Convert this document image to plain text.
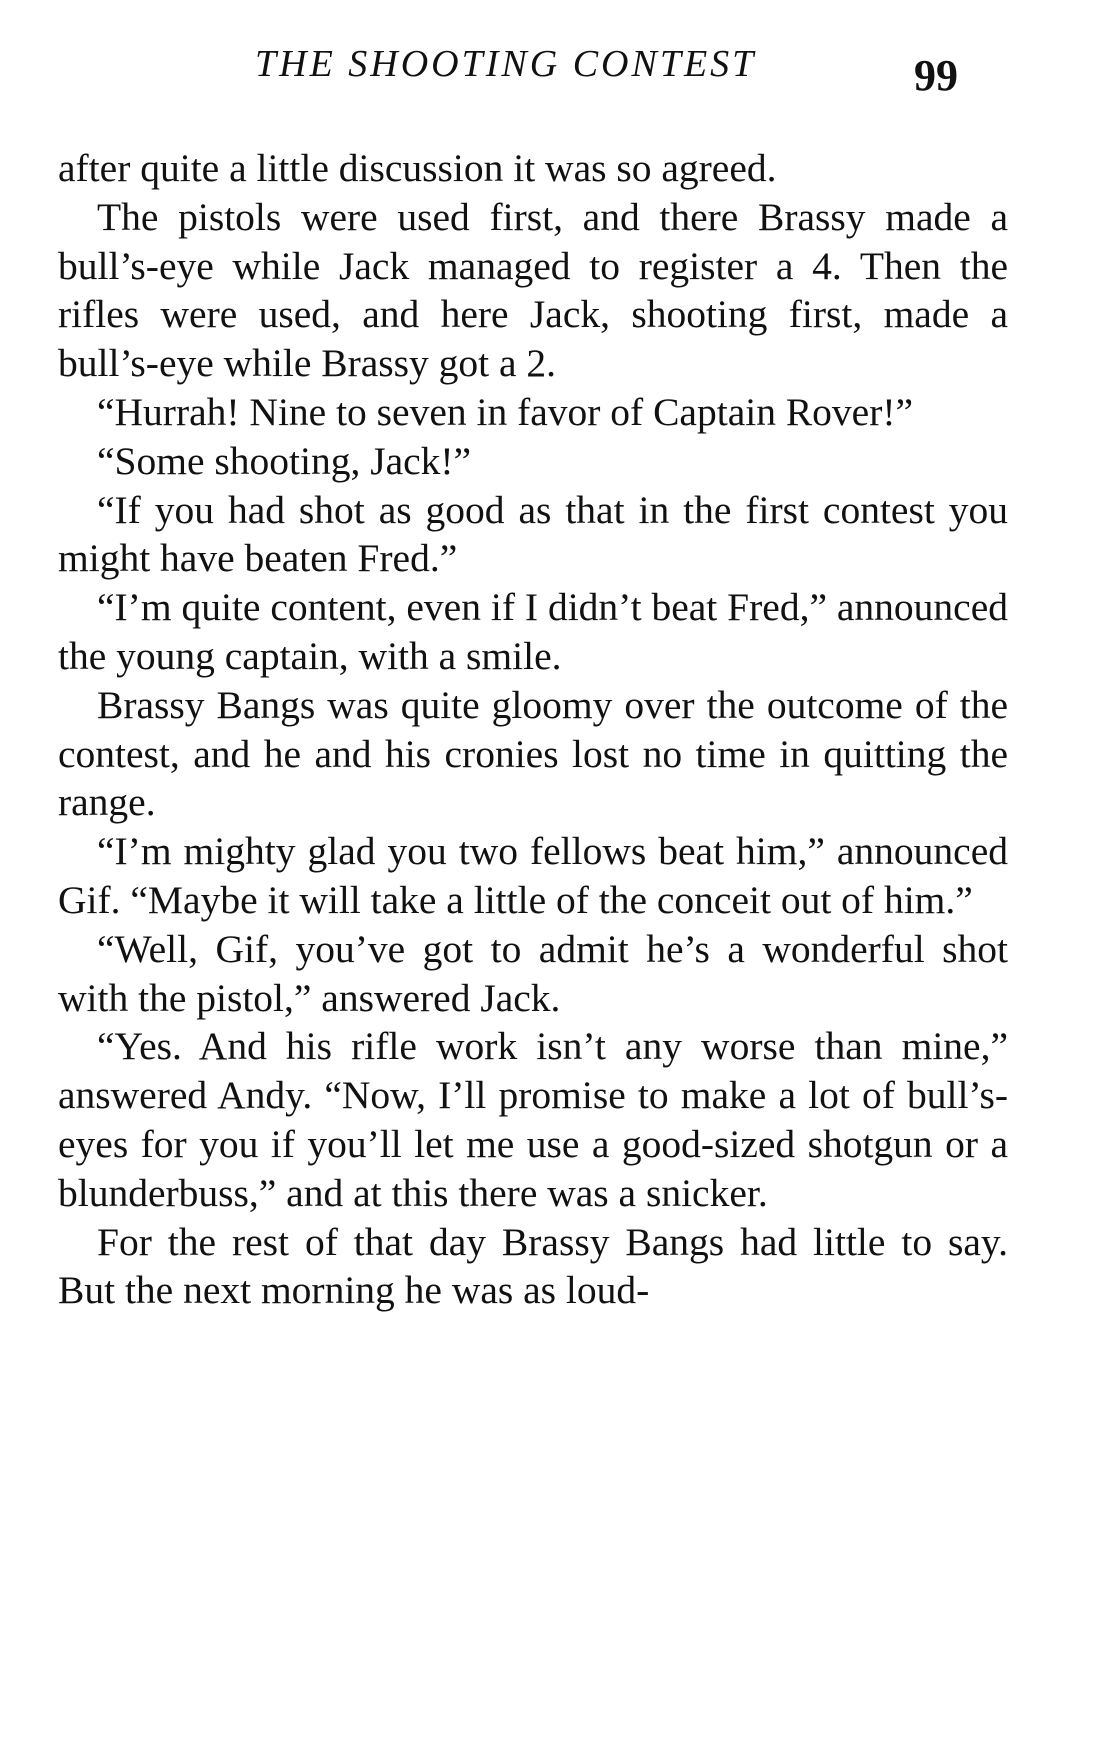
THE SHOOTING CONTEST	99

after quite a little discussion it was so agreed.

The pistols were used first, and there Brassy made a bull’s-eye while Jack managed to register a 4. Then the rifles were used, and here Jack, shooting first, made a bull’s-eye while Brassy got a 2.

“Hurrah! Nine to seven in favor of Captain Rover!”

“Some shooting, Jack!”

“If you had shot as good as that in the first contest you might have beaten Fred.”

“I’m quite content, even if I didn’t beat Fred,” announced the young captain, with a smile.

Brassy Bangs was quite gloomy over the outcome of the contest, and he and his cronies lost no time in quitting the range.

“I’m mighty glad you two fellows beat him,” announced Gif. “Maybe it will take a little of the conceit out of him.”

“Well, Gif, you’ve got to admit he’s a wonderful shot with the pistol,” answered Jack.

“Yes. And his rifle work isn’t any worse than mine,” answered Andy. “Now, I’ll promise to make a lot of bull’s-eyes for you if you’ll let me use a good-sized shotgun or a blunderbuss,” and at this there was a snicker.

For the rest of that day Brassy Bangs had little to say. But the next morning he was as loud-
